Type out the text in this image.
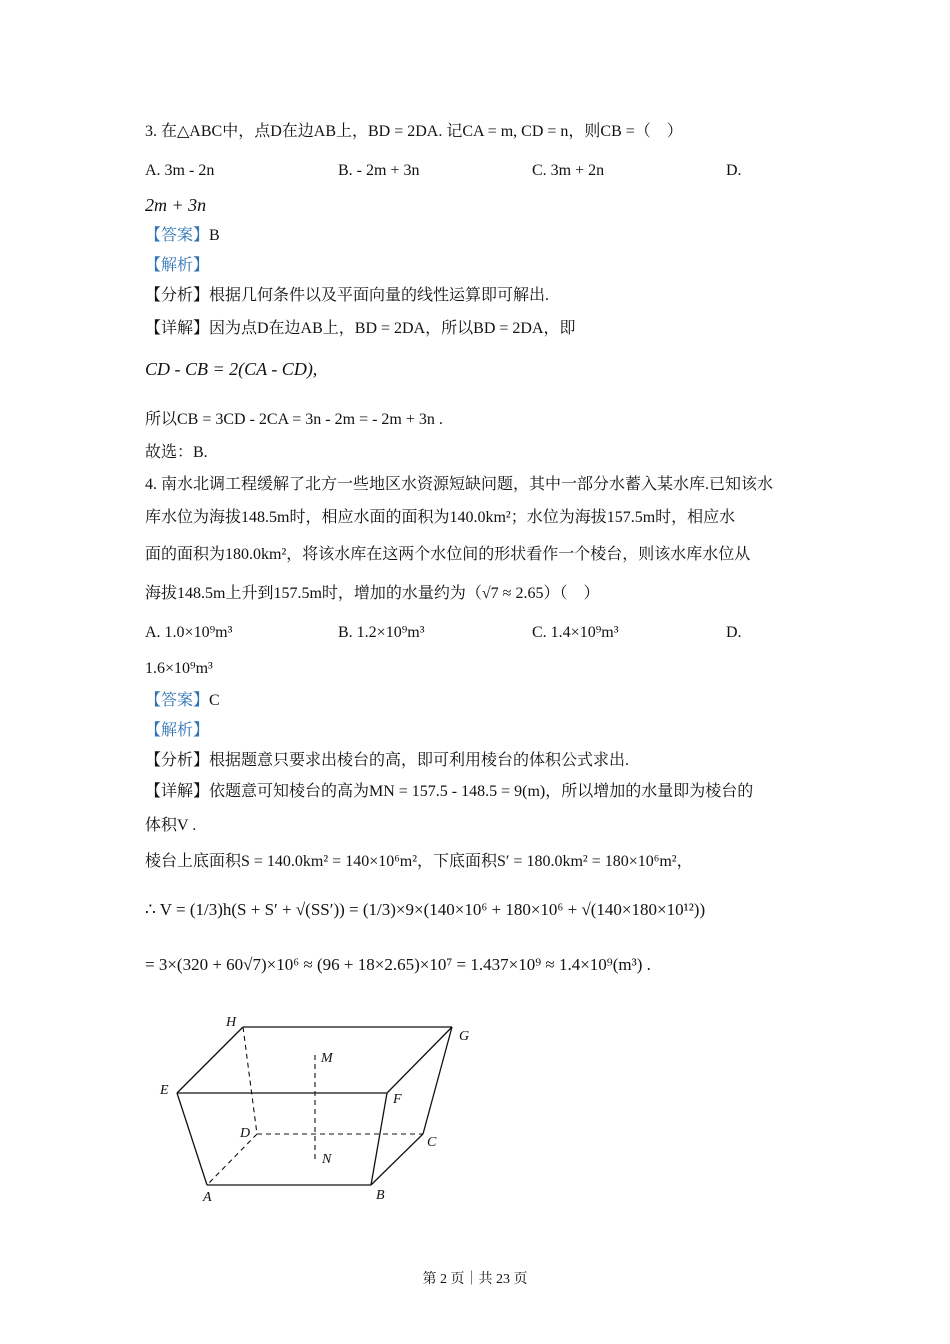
3. 在△ABC中，点D在边AB上，BD = 2DA. 记CA = m, CD = n，则CB =（　）
A. 3m - 2n	B. - 2m + 3n	C. 3m + 2n	D.
2m + 3n
【答案】B
【解析】
【分析】根据几何条件以及平面向量的线性运算即可解出.
【详解】因为点D在边AB上，BD = 2DA，所以BD = 2DA，即
CD - CB = 2(CA - CD),
所以CB = 3CD - 2CA = 3n - 2m = - 2m + 3n .
故选：B.
4. 南水北调工程缓解了北方一些地区水资源短缺问题，其中一部分水蓄入某水库.已知该水
库水位为海拔148.5m时，相应水面的面积为140.0km²；水位为海拔157.5m时，相应水
面的面积为180.0km²，将该水库在这两个水位间的形状看作一个棱台，则该水库水位从
海拔148.5m上升到157.5m时，增加的水量约为（√7 ≈ 2.65）（　）
A. 1.0×10⁹m³	B. 1.2×10⁹m³	C. 1.4×10⁹m³	D.
1.6×10⁹m³
【答案】C
【解析】
【分析】根据题意只要求出棱台的高，即可利用棱台的体积公式求出.
【详解】依题意可知棱台的高为MN = 157.5 - 148.5 = 9(m)，所以增加的水量即为棱台的
体积V .
棱台上底面积S = 140.0km² = 140×10⁶m²，下底面积S′ = 180.0km² = 180×10⁶m²，
∴ V = (1/3)h(S + S′ + √(SS′)) = (1/3)×9×(140×10⁶ + 180×10⁶ + √(140×180×10¹²))
= 3×(320 + 60√7)×10⁶ ≈ (96 + 18×2.65)×10⁷ = 1.437×10⁹ ≈ 1.4×10⁹(m³) .
H
G
E
F
M
D
C
N
A	B
第 2 页｜共 23 页
